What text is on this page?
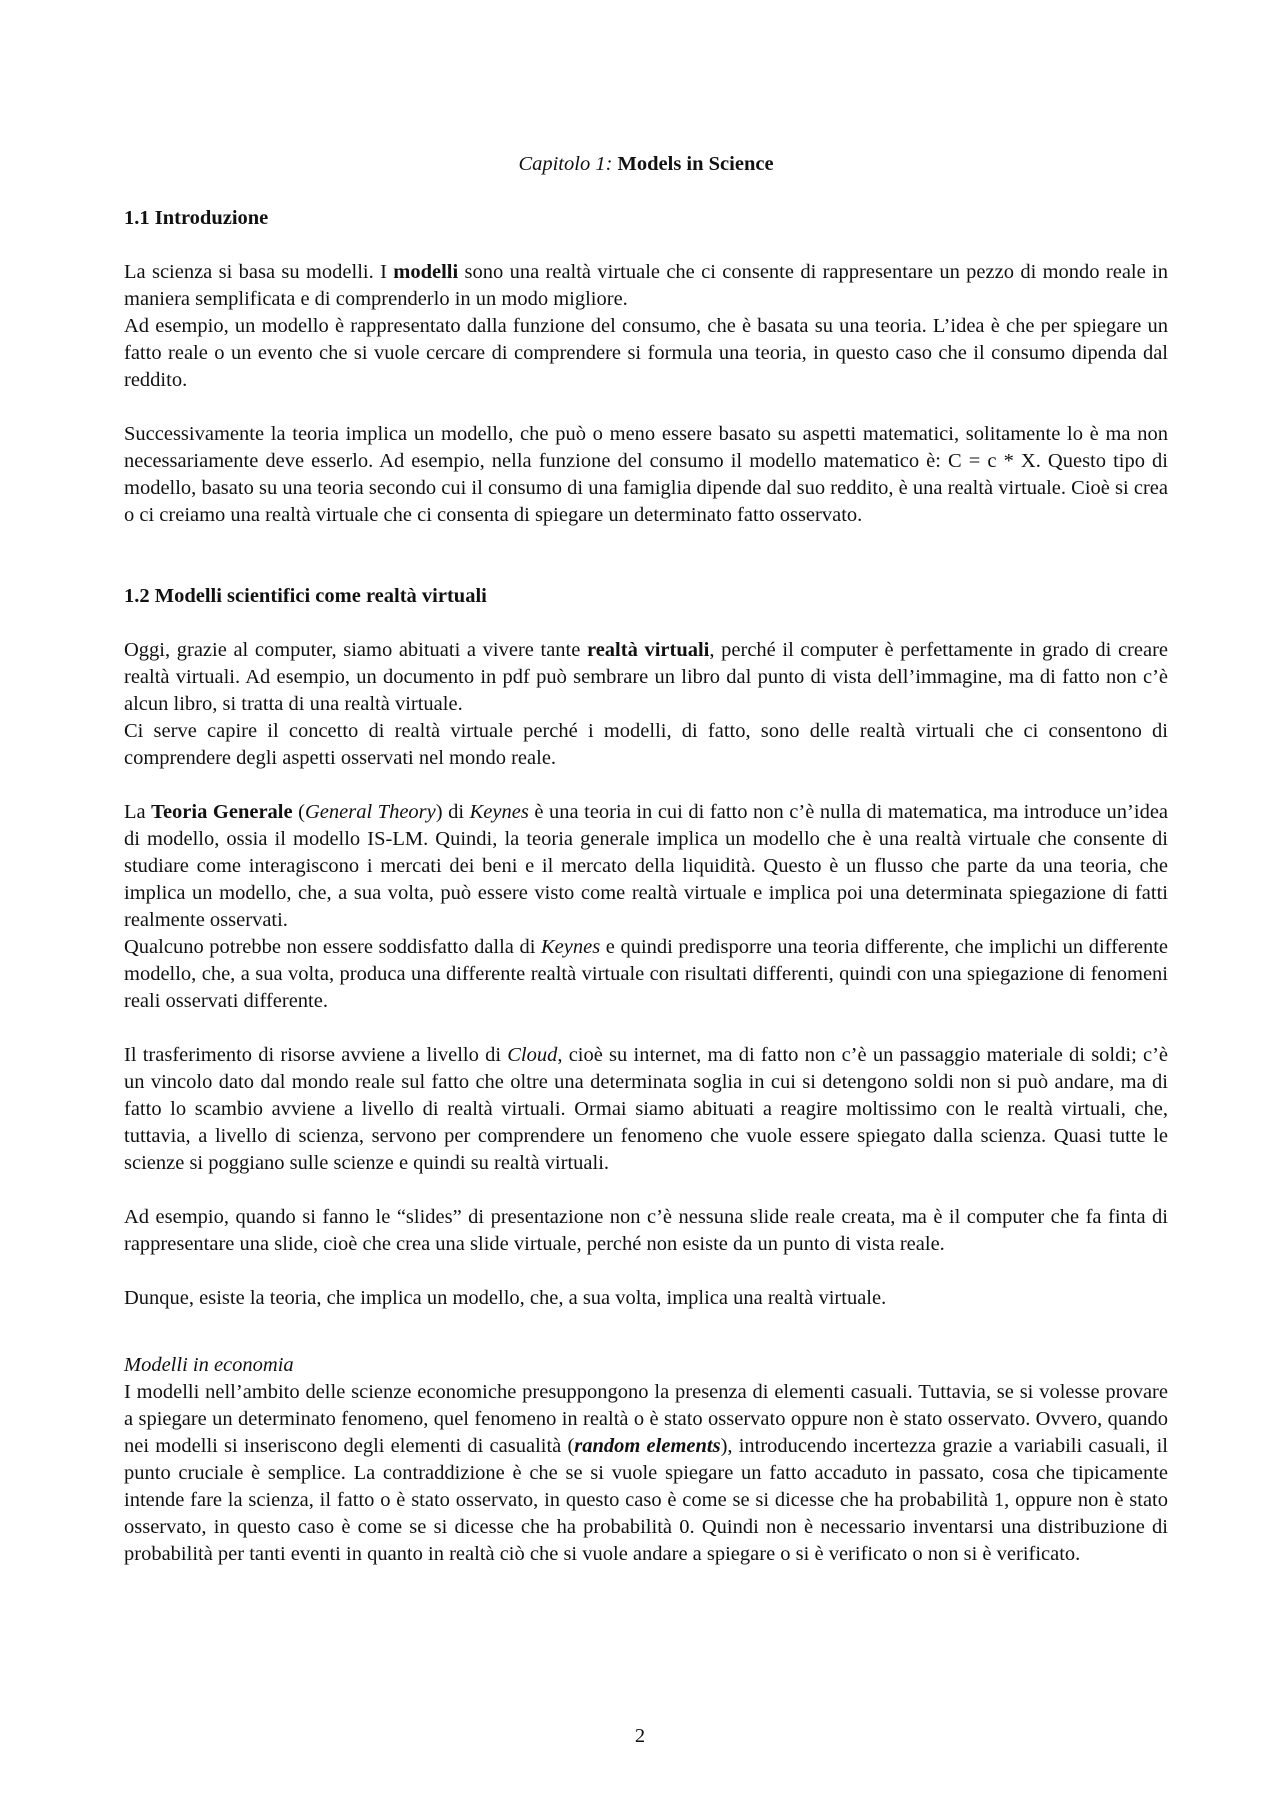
Capitolo 1: Models in Science
1.1 Introduzione

La scienza si basa su modelli. I modelli sono una realtà virtuale che ci consente di rappresentare un pezzo di mondo reale in maniera semplificata e di comprenderlo in un modo migliore.

Ad esempio, un modello è rappresentato dalla funzione del consumo, che è basata su una teoria. L’idea è che per spiegare un fatto reale o un evento che si vuole cercare di comprendere si formula una teoria, in questo caso che il consumo dipenda dal reddito.

Successivamente la teoria implica un modello, che può o meno essere basato su aspetti matematici, solitamente lo è ma non necessariamente deve esserlo. Ad esempio, nella funzione del consumo il modello matematico è: C = c * X. Questo tipo di modello, basato su una teoria secondo cui il consumo di una famiglia dipende dal suo reddito, è una realtà virtuale. Cioè si crea o ci creiamo una realtà virtuale che ci consenta di spiegare un determinato fatto osservato.

1.2 Modelli scientifici come realtà virtuali

Oggi, grazie al computer, siamo abituati a vivere tante realtà virtuali, perché il computer è perfettamente in grado di creare realtà virtuali. Ad esempio, un documento in pdf può sembrare un libro dal punto di vista dell’immagine, ma di fatto non c’è alcun libro, si tratta di una realtà virtuale.

Ci serve capire il concetto di realtà virtuale perché i modelli, di fatto, sono delle realtà virtuali che ci consentono di comprendere degli aspetti osservati nel mondo reale.

La Teoria Generale (General Theory) di Keynes è una teoria in cui di fatto non c’è nulla di matematica, ma introduce un’idea di modello, ossia il modello IS-LM. Quindi, la teoria generale implica un modello che è una realtà virtuale che consente di studiare come interagiscono i mercati dei beni e il mercato della liquidità. Questo è un flusso che parte da una teoria, che implica un modello, che, a sua volta, può essere visto come realtà virtuale e implica poi una determinata spiegazione di fatti realmente osservati.

Qualcuno potrebbe non essere soddisfatto dalla di Keynes e quindi predisporre una teoria differente, che implichi un differente modello, che, a sua volta, produca una differente realtà virtuale con risultati differenti, quindi con una spiegazione di fenomeni reali osservati differente.

Il trasferimento di risorse avviene a livello di Cloud, cioè su internet, ma di fatto non c’è un passaggio materiale di soldi; c’è un vincolo dato dal mondo reale sul fatto che oltre una determinata soglia in cui si detengono soldi non si può andare, ma di fatto lo scambio avviene a livello di realtà virtuali. Ormai siamo abituati a reagire moltissimo con le realtà virtuali, che, tuttavia, a livello di scienza, servono per comprendere un fenomeno che vuole essere spiegato dalla scienza. Quasi tutte le scienze si poggiano sulle scienze e quindi su realtà virtuali.

Ad esempio, quando si fanno le “slides” di presentazione non c’è nessuna slide reale creata, ma è il computer che fa finta di rappresentare una slide, cioè che crea una slide virtuale, perché non esiste da un punto di vista reale.

Dunque, esiste la teoria, che implica un modello, che, a sua volta, implica una realtà virtuale.

Modelli in economia

I modelli nell’ambito delle scienze economiche presuppongono la presenza di elementi casuali. Tuttavia, se si volesse provare a spiegare un determinato fenomeno, quel fenomeno in realtà o è stato osservato oppure non è stato osservato. Ovvero, quando nei modelli si inseriscono degli elementi di casualità (random elements), introducendo incertezza grazie a variabili casuali, il punto cruciale è semplice. La contraddizione è che se si vuole spiegare un fatto accaduto in passato, cosa che tipicamente intende fare la scienza, il fatto o è stato osservato, in questo caso è come se si dicesse che ha probabilità 1, oppure non è stato osservato, in questo caso è come se si dicesse che ha probabilità 0. Quindi non è necessario inventarsi una distribuzione di probabilità per tanti eventi in quanto in realtà ciò che si vuole andare a spiegare o si è verificato o non si è verificato.

2
